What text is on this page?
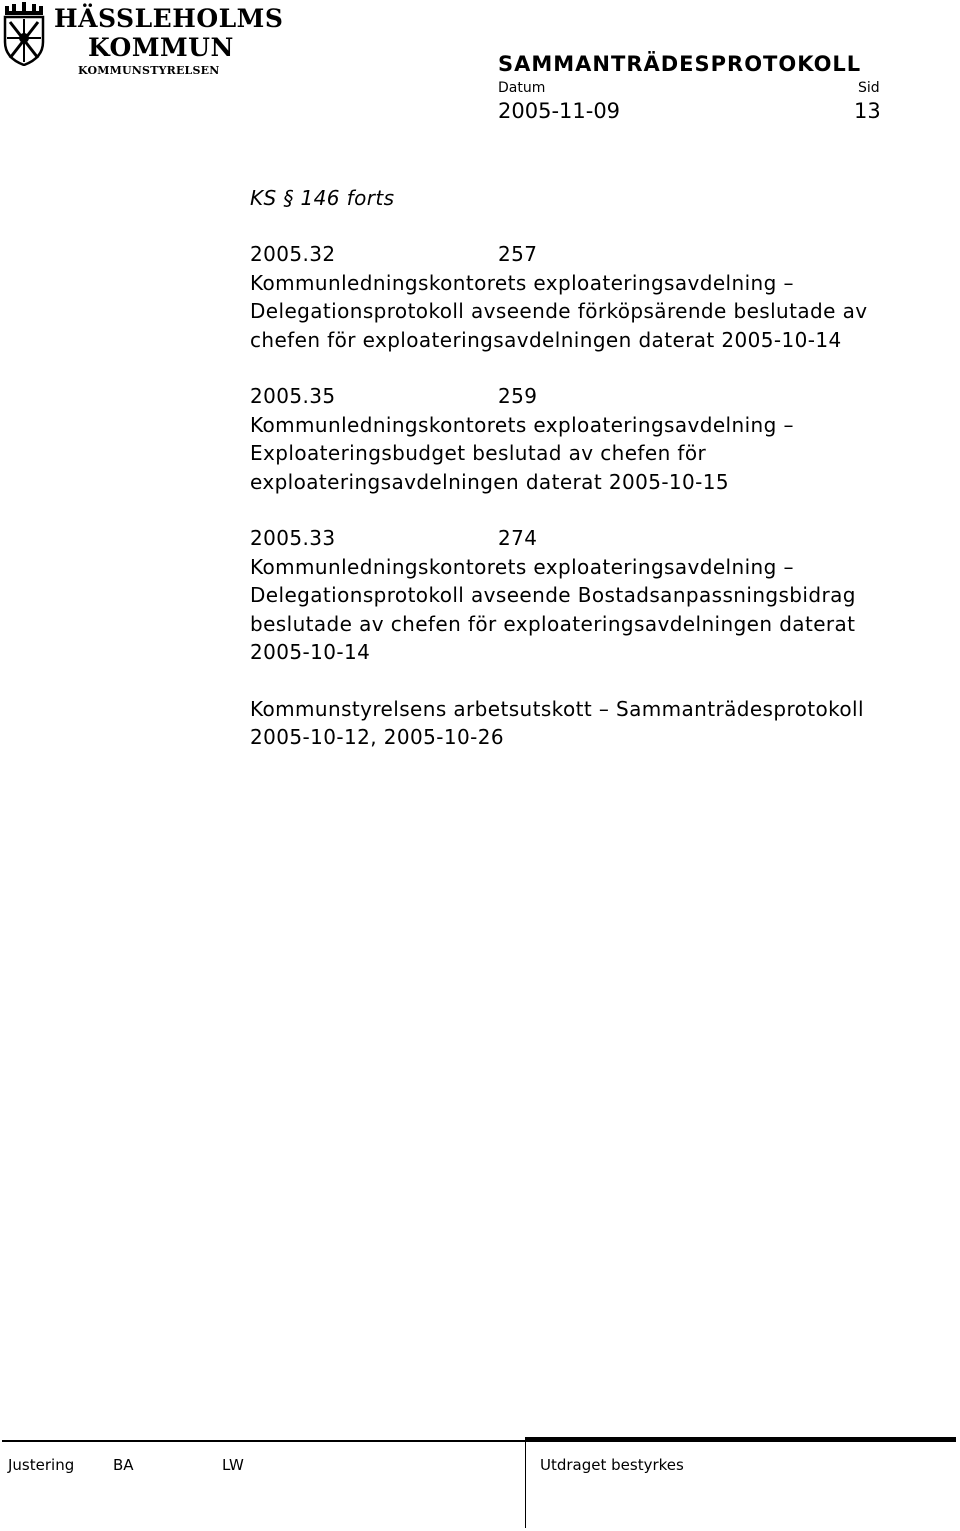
HÄSSLEHOLMS
KOMMUN
KOMMUNSTYRELSEN	SAMMANTRÄDESPROTOKOLL
Datum	Sid
2005-11-09	13

KS § 146 forts

2005.32	257

Kommunledningskontorets exploateringsavdelning –
Delegationsprotokoll avseende förköpsärende beslutade av
chefen för exploateringsavdelningen daterat 2005-10-14

2005.35	259

Kommunledningskontorets exploateringsavdelning –
Exploateringsbudget beslutad av chefen för
exploateringsavdelningen daterat 2005-10-15

2005.33	274

Kommunledningskontorets exploateringsavdelning –
Delegationsprotokoll avseende Bostadsanpassningsbidrag
beslutade av chefen för exploateringsavdelningen daterat
2005-10-14

Kommunstyrelsens arbetsutskott – Sammanträdesprotokoll
2005-10-12, 2005-10-26

Justering	BA	LW	Utdraget bestyrkes
